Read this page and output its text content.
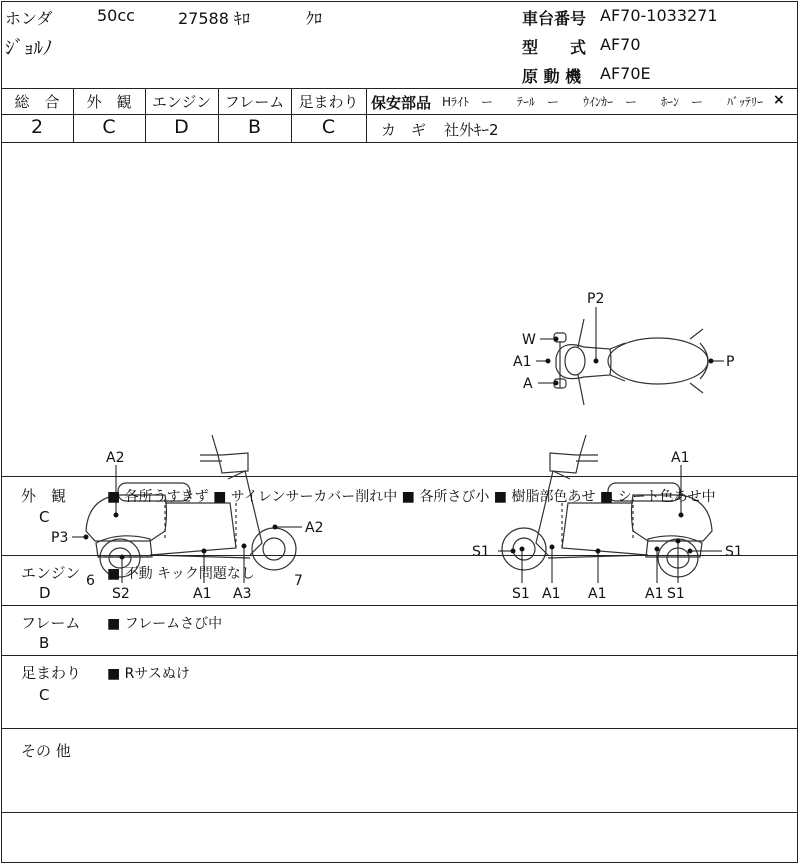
ホンダ	50cc	27588 ｷﾛ	ｸﾛ
ｼﾞｮﾙﾉ
車台番号 AF70-1033271
型　　式 AF70
原 動 機 AF70E
総　合	外　観	エンジン フレーム 足まわり
2	C	D	B	C
保安部品 Hﾗｲﾄ　ー　　ﾃｰﾙ　ー　　ｳｲﾝｶｰ　ー　　ﾎｰﾝ　ー　　ﾊﾞｯﾃﾘｰ ×
カ　ギ 社外ｷｰ2
P2
W
A1
A
P
A2
P3
A2
6
S2	A1 A3
7
A1
S1	S1
S1 A1 A1	A1 S1
外　観
C
■ 各所うすきず ■ サイレンサーカバー削れ中 ■ 各所さび小 ■ 樹脂部色あせ ■ シート色あせ中
エンジン
D
■ 不動 キック問題なし
フレーム
B
■ フレームさび中
足まわり
C
■ Rサスぬけ
その 他
